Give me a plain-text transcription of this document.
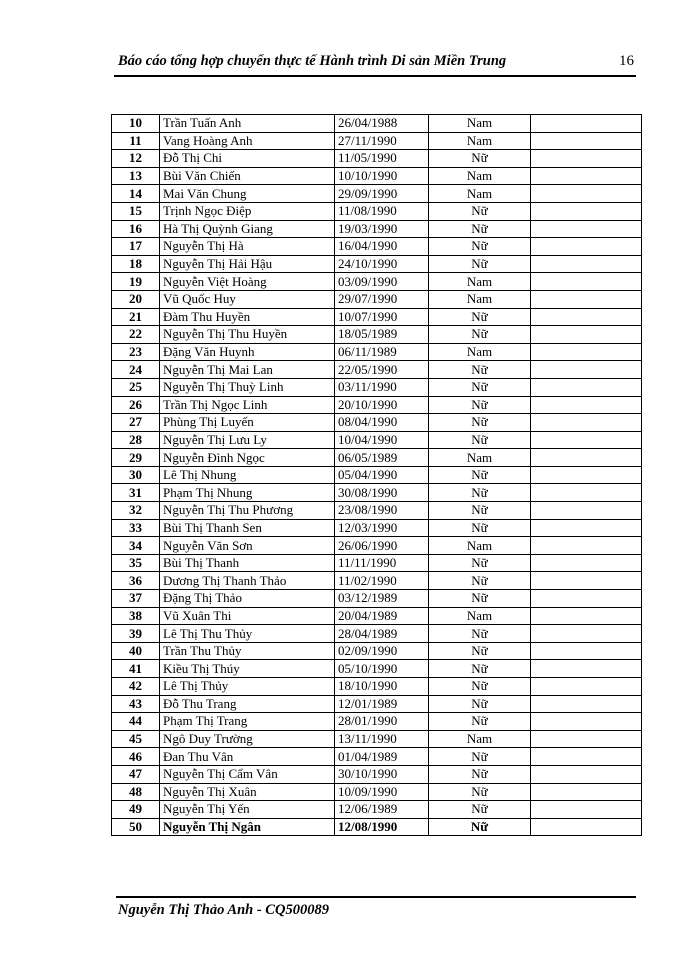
Báo cáo tổng hợp chuyến thực tế Hành trình Di sản Miền Trung	16
10	Trần Tuấn Anh	26/04/1988	Nam	
11	Vang Hoàng Anh	27/11/1990	Nam	
12	Đỗ Thị Chi	11/05/1990	Nữ	
13	Bùi Văn Chiến	10/10/1990	Nam	
14	Mai Văn Chung	29/09/1990	Nam	
15	Trịnh Ngọc Điệp	11/08/1990	Nữ	
16	Hà Thị Quỳnh Giang	19/03/1990	Nữ	
17	Nguyễn Thị Hà	16/04/1990	Nữ	
18	Nguyễn Thị Hải Hậu	24/10/1990	Nữ	
19	Nguyễn Việt Hoàng	03/09/1990	Nam	
20	Vũ Quốc Huy	29/07/1990	Nam	
21	Đàm Thu Huyền	10/07/1990	Nữ	
22	Nguyễn Thị Thu Huyền	18/05/1989	Nữ	
23	Đặng Văn Huynh	06/11/1989	Nam	
24	Nguyễn Thị Mai Lan	22/05/1990	Nữ	
25	Nguyễn Thị Thuỳ Linh	03/11/1990	Nữ	
26	Trần Thị Ngọc Linh	20/10/1990	Nữ	
27	Phùng Thị Luyến	08/04/1990	Nữ	
28	Nguyễn Thị Lưu Ly	10/04/1990	Nữ	
29	Nguyễn Đình Ngọc	06/05/1989	Nam	
30	Lê Thị Nhung	05/04/1990	Nữ	
31	Phạm Thị Nhung	30/08/1990	Nữ	
32	Nguyễn Thị Thu Phương	23/08/1990	Nữ	
33	Bùi Thị Thanh Sen	12/03/1990	Nữ	
34	Nguyễn Văn Sơn	26/06/1990	Nam	
35	Bùi Thị Thanh	11/11/1990	Nữ	
36	Dương Thị Thanh Thảo	11/02/1990	Nữ	
37	Đặng Thị Thảo	03/12/1989	Nữ	
38	Vũ Xuân Thi	20/04/1989	Nam	
39	Lê Thị Thu Thủy	28/04/1989	Nữ	
40	Trần Thu Thủy	02/09/1990	Nữ	
41	Kiều Thị Thúy	05/10/1990	Nữ	
42	Lê Thị Thủy	18/10/1990	Nữ	
43	Đỗ Thu Trang	12/01/1989	Nữ	
44	Phạm Thị Trang	28/01/1990	Nữ	
45	Ngô Duy Trường	13/11/1990	Nam	
46	Đan Thu Vân	01/04/1989	Nữ	
47	Nguyễn Thị Cẩm Vân	30/10/1990	Nữ	
48	Nguyễn Thị Xuân	10/09/1990	Nữ	
49	Nguyễn Thị Yến	12/06/1989	Nữ	
50	Nguyễn Thị Ngân	12/08/1990	Nữ	
Nguyễn Thị Thảo Anh - CQ500089
